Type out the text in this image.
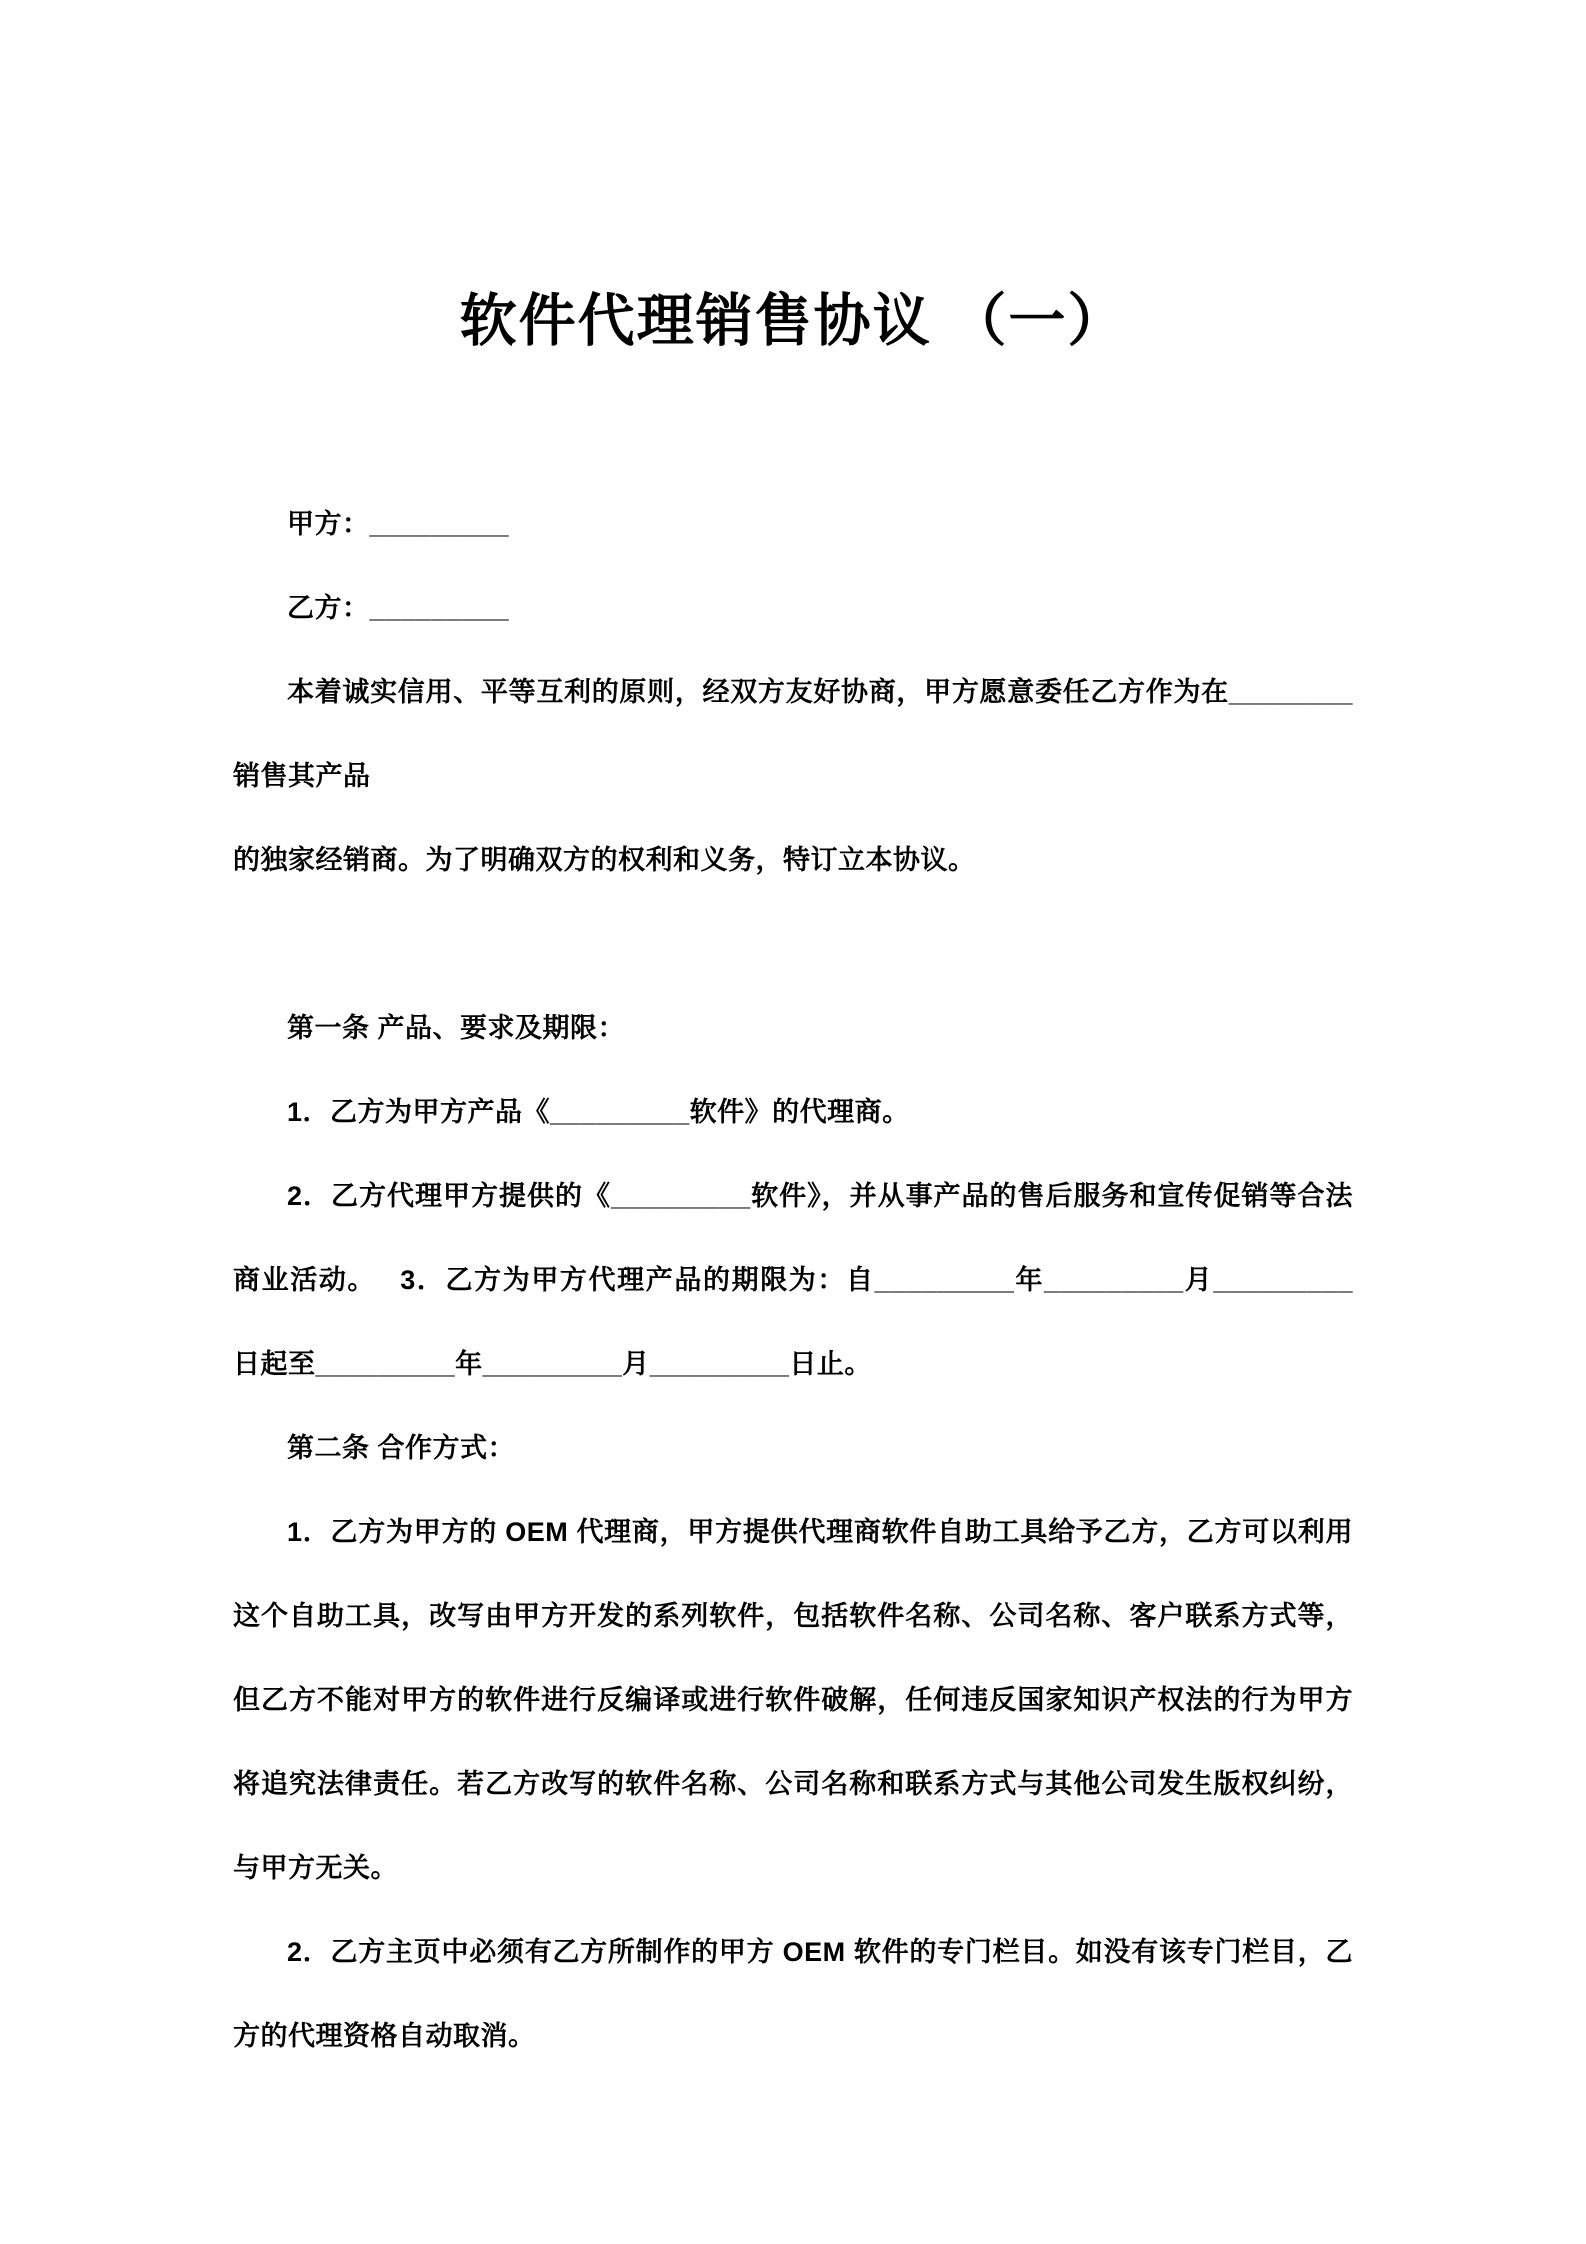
软件代理销售协议 （一）
甲方：_________
乙方：_________
本着诚实信用、平等互利的原则，经双方友好协商，甲方愿意委任乙方作为在________
销售其产品
的独家经销商。为了明确双方的权利和义务，特订立本协议。
第一条 产品、要求及期限：
1．乙方为甲方产品《_________软件》的代理商。
2．乙方代理甲方提供的《_________软件》，并从事产品的售后服务和宣传促销等合法
商业活动。　 3．乙方为甲方代理产品的期限为：自_________年_________月_________
日起至_________年_________月_________日止。
第二条 合作方式：
1．乙方为甲方的 OEM 代理商，甲方提供代理商软件自助工具给予乙方，乙方可以利用
这个自助工具，改写由甲方开发的系列软件，包括软件名称、公司名称、客户联系方式等，
但乙方不能对甲方的软件进行反编译或进行软件破解，任何违反国家知识产权法的行为甲方
将追究法律责任。若乙方改写的软件名称、公司名称和联系方式与其他公司发生版权纠纷，
与甲方无关。
2．乙方主页中必须有乙方所制作的甲方 OEM 软件的专门栏目。如没有该专门栏目，乙
方的代理资格自动取消。
